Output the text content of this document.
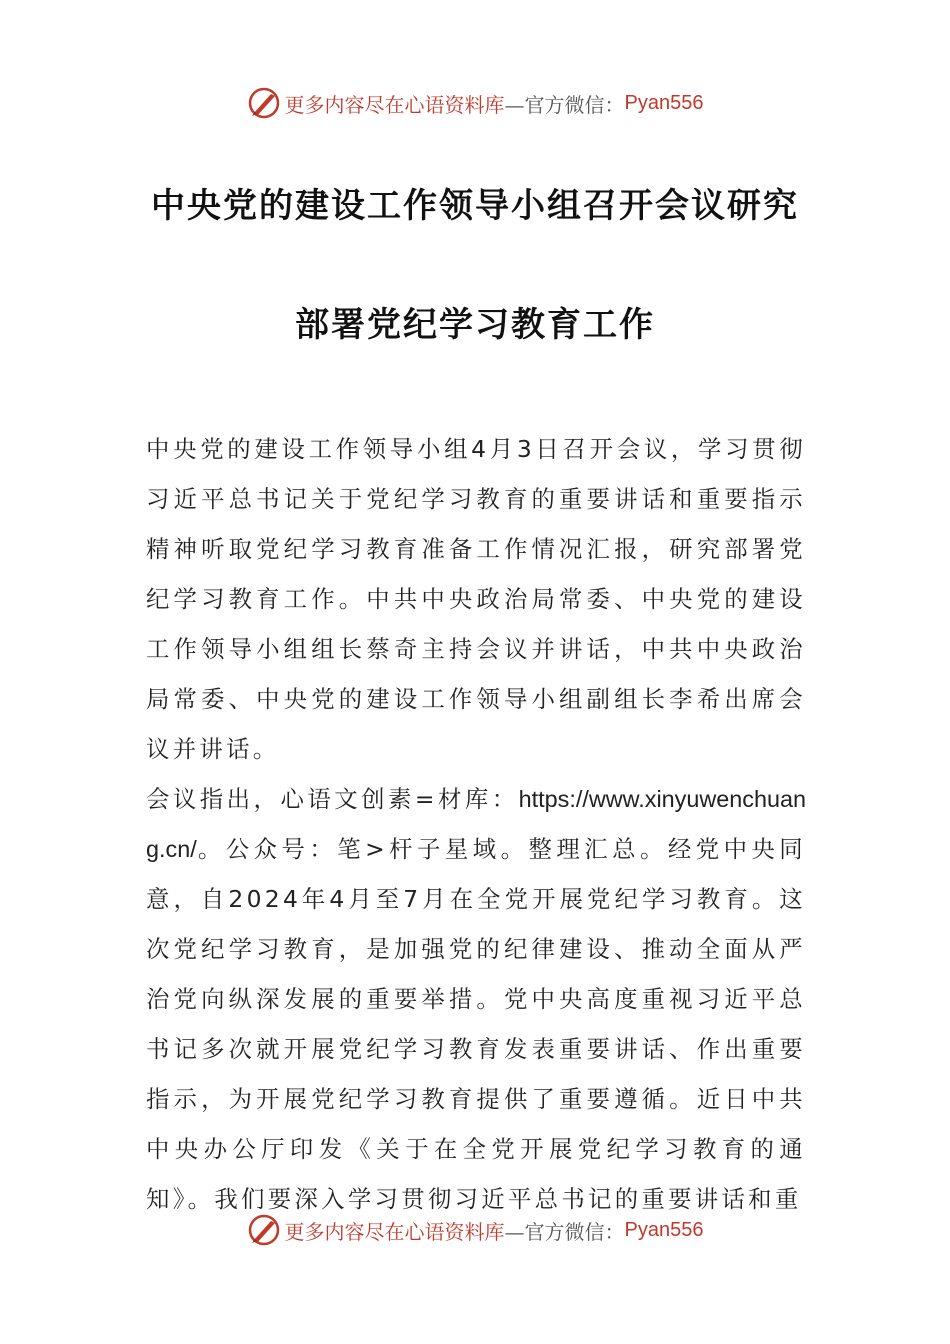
更多内容尽在心语资料库 —官方微信： Pyan556
中央党的建设工作领导小组召开会议研究
部署党纪学习教育工作

中央党的建设工作领导小组4月3日召开会议，学习贯彻习近平总书记关于党纪学习教育的重要讲话和重要指示精神听取党纪学习教育准备工作情况汇报，研究部署党纪学习教育工作。中共中央政治局常委、中央党的建设工作领导小组组长蔡奇主持会议并讲话，中共中央政治局常委、中央党的建设工作领导小组副组长李希出席会议并讲话。

会议指出，心语文创素=材库：https://www.xinyuwenchuang.cn/。公众号：笔>杆子星域。整理汇总。经党中央同意，自2024年4月至7月在全党开展党纪学习教育。这次党纪学习教育，是加强党的纪律建设、推动全面从严治党向纵深发展的重要举措。党中央高度重视习近平总书记多次就开展党纪学习教育发表重要讲话、作出重要指示，为开展党纪学习教育提供了重要遵循。近日中共中央办公厅印发《关于在全党开展党纪学习教育的通知》。我们要深入学习贯彻习近平总书记的重要讲话和重

更多内容尽在心语资料库 —官方微信： Pyan556
